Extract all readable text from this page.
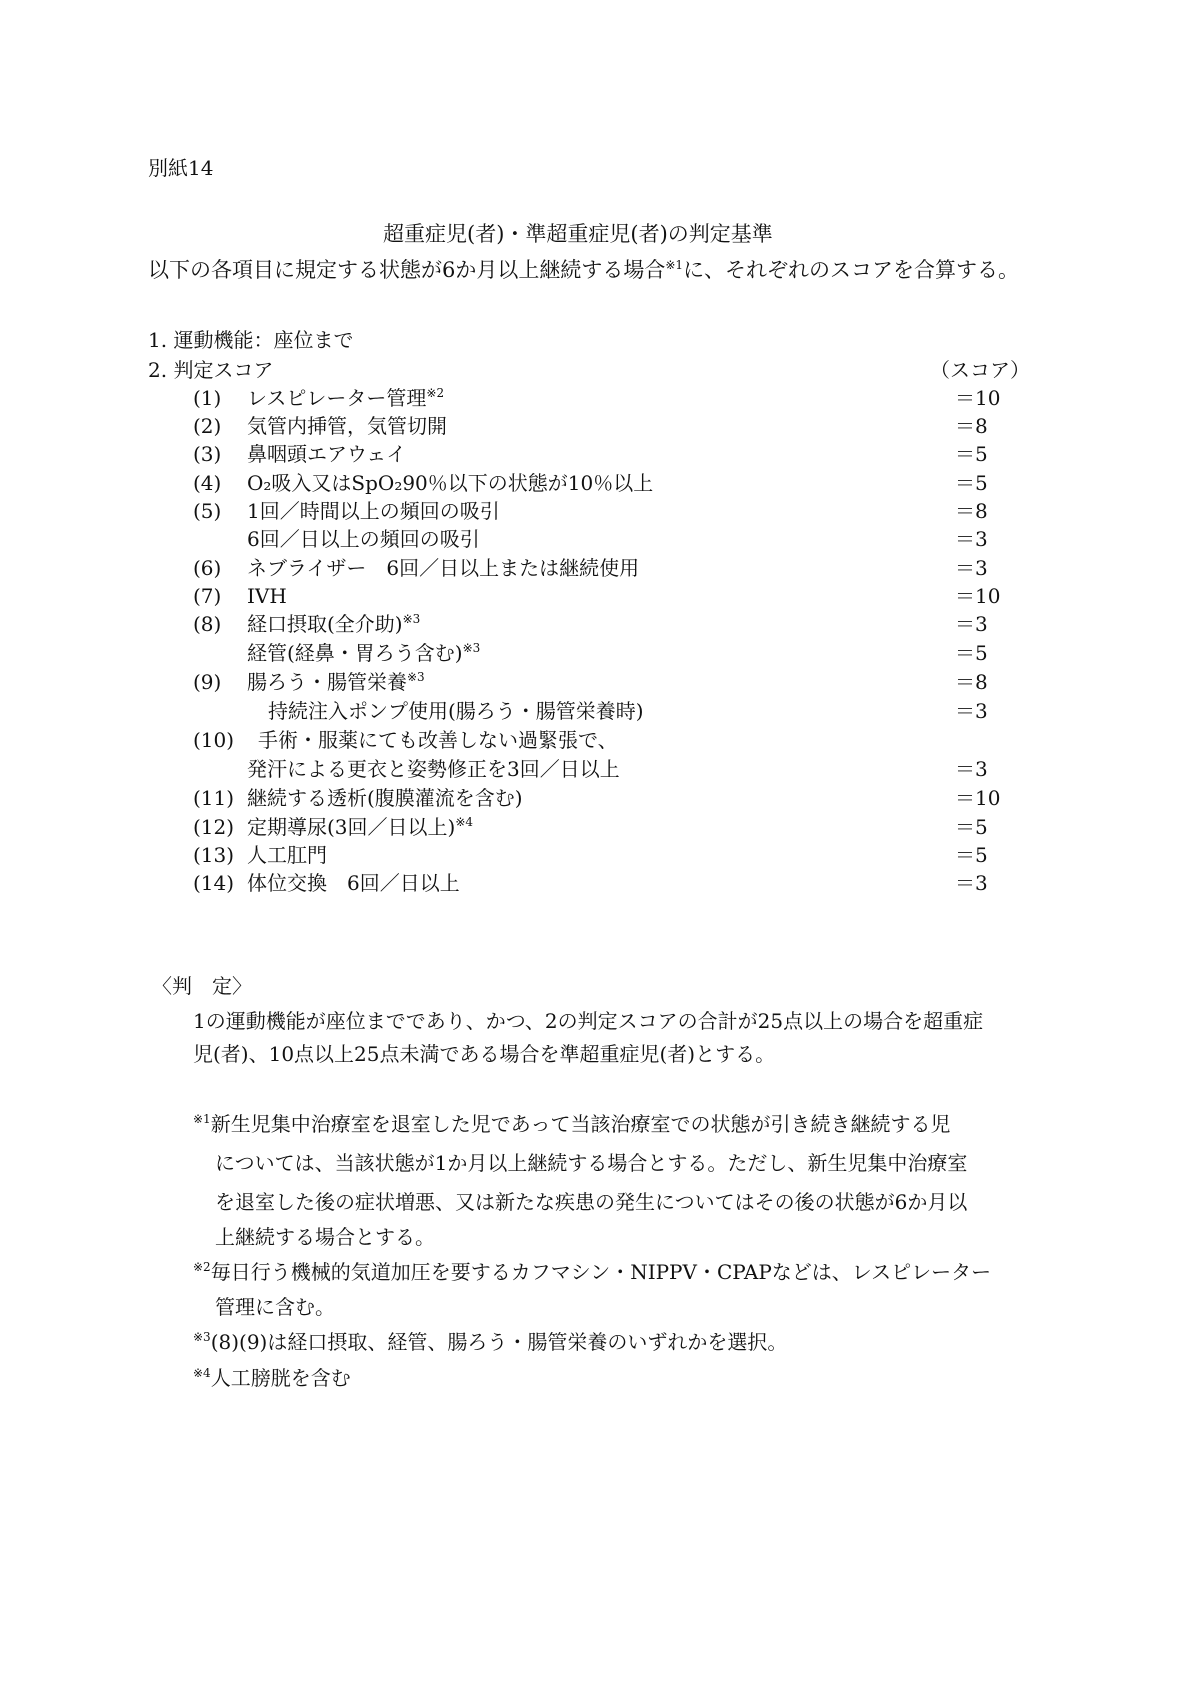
別紙14
超重症児(者)・準超重症児(者)の判定基準
以下の各項目に規定する状態が6か月以上継続する場合$^{※1}$に、それぞれのスコアを合算する。
1. 運動機能：座位まで
2. 判定スコア	（スコア）
(1) レスピレーター管理$^{※2}$	＝10
(2) 気管内挿管，気管切開	＝8
(3) 鼻咽頭エアウェイ	＝5
(4) O₂吸入又はSpO₂90％以下の状態が10％以上	＝5
(5) 1回／時間以上の頻回の吸引	＝8
6回／日以上の頻回の吸引	＝3
(6) ネブライザー　6回／日以上または継続使用	＝3
(7) IVH	＝10
(8) 経口摂取(全介助)$^{※3}$	＝3
経管(経鼻・胃ろう含む)$^{※3}$	＝5
(9) 腸ろう・腸管栄養$^{※3}$	＝8
持続注入ポンプ使用(腸ろう・腸管栄養時)	＝3
(10) 手術・服薬にても改善しない過緊張で、
発汗による更衣と姿勢修正を3回／日以上	＝3
(11) 継続する透析(腹膜灌流を含む)	＝10
(12) 定期導尿(3回／日以上)$^{※4}$	＝5
(13) 人工肛門	＝5
(14) 体位交換　6回／日以上	＝3
〈判　定〉
1の運動機能が座位までであり、かつ、2の判定スコアの合計が25点以上の場合を超重症
児(者)、10点以上25点未満である場合を準超重症児(者)とする。
$^{※1}$新生児集中治療室を退室した児であって当該治療室での状態が引き続き継続する児
については、当該状態が1か月以上継続する場合とする。ただし、新生児集中治療室
を退室した後の症状増悪、又は新たな疾患の発生についてはその後の状態が6か月以
上継続する場合とする。
$^{※2}$毎日行う機械的気道加圧を要するカフマシン・NIPPV・CPAPなどは、レスピレーター
管理に含む。
$^{※3}$(8)(9)は経口摂取、経管、腸ろう・腸管栄養のいずれかを選択。
$^{※4}$人工膀胱を含む
